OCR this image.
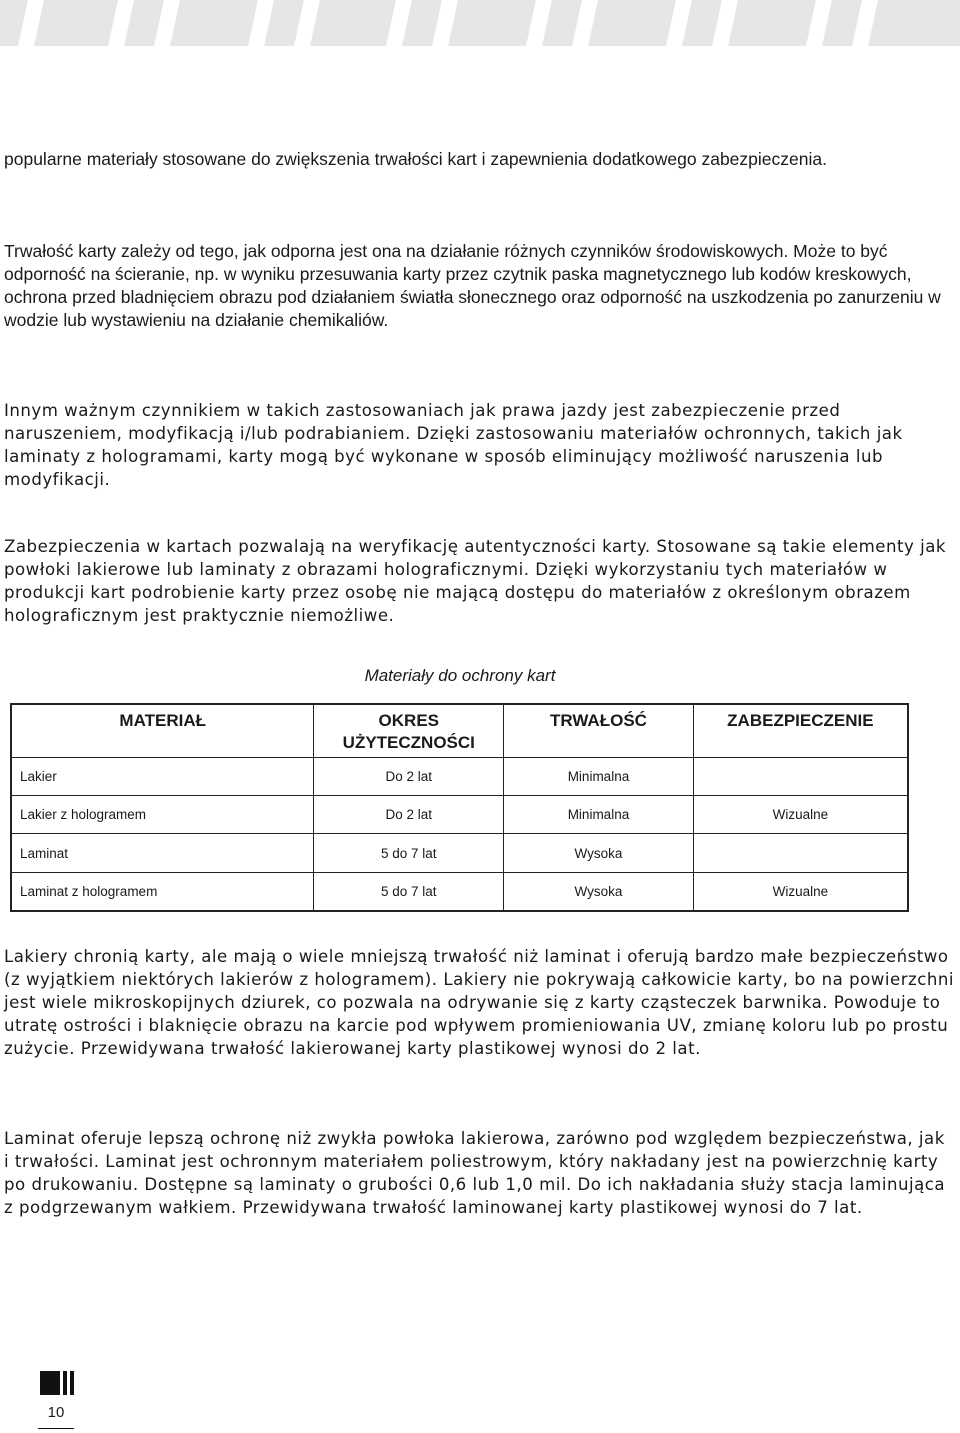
popularne materiały stosowane do zwiększenia trwałości kart i zapewnienia dodatkowego zabezpieczenia.

Trwałość karty zależy od tego, jak odporna jest ona na działanie różnych czynników środowiskowych. Może to być odporność na ścieranie, np. w wyniku przesuwania karty przez czytnik paska magnetycznego lub kodów kreskowych, ochrona przed bladnięciem obrazu pod działaniem światła słonecznego oraz odporność na uszkodzenia po zanurzeniu w wodzie lub wystawieniu na działanie chemikaliów.

Innym ważnym czynnikiem w takich zastosowaniach jak prawa jazdy jest zabezpieczenie przed naruszeniem, modyfikacją i/lub podrabianiem. Dzięki zastosowaniu materiałów ochronnych, takich jak laminaty z hologramami, karty mogą być wykonane w sposób eliminujący możliwość naruszenia lub modyfikacji.

Zabezpieczenia w kartach pozwalają na weryfikację autentyczności karty. Stosowane są takie elementy jak powłoki lakierowe lub laminaty z obrazami holograficznymi. Dzięki wykorzystaniu tych materiałów w produkcji kart podrobienie karty przez osobę nie mającą dostępu do materiałów z określonym obrazem holograficznym jest praktycznie niemożliwe.

Materiały do ochrony kart
MATERIAŁ	OKRES UŻYTECZNOŚCI	TRWAŁOŚĆ	ZABEZPIECZENIE
Lakier	Do 2 lat	Minimalna	
Lakier z hologramem	Do 2 lat	Minimalna	Wizualne
Laminat	5 do 7 lat	Wysoka	
Laminat z hologramem	5 do 7 lat	Wysoka	Wizualne

Lakiery chronią karty, ale mają o wiele mniejszą trwałość niż laminat i oferują bardzo małe bezpieczeństwo (z wyjątkiem niektórych lakierów z hologramem). Lakiery nie pokrywają całkowicie karty, bo na powierzchni jest wiele mikroskopijnych dziurek, co pozwala na odrywanie się z karty cząsteczek barwnika. Powoduje to utratę ostrości i blaknięcie obrazu na karcie pod wpływem promieniowania UV, zmianę koloru lub po prostu zużycie. Przewidywana trwałość lakierowanej karty plastikowej wynosi do 2 lat.

Laminat oferuje lepszą ochronę niż zwykła powłoka lakierowa, zarówno pod względem bezpieczeństwa, jak i trwałości. Laminat jest ochronnym materiałem poliestrowym, który nakładany jest na powierzchnię karty po drukowaniu. Dostępne są laminaty o grubości 0,6 lub 1,0 mil. Do ich nakładania służy stacja laminująca z podgrzewanym wałkiem. Przewidywana trwałość laminowanej karty plastikowej wynosi do 7 lat.

10
